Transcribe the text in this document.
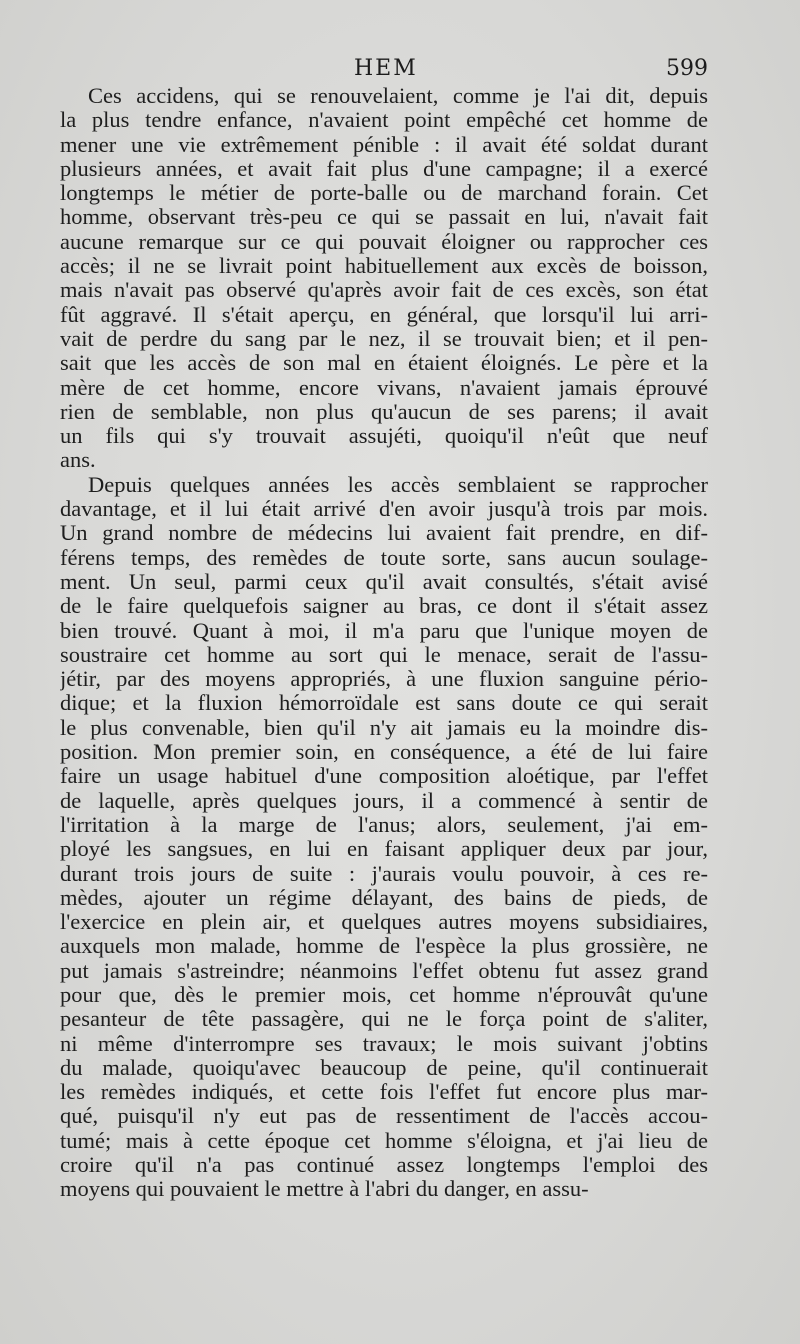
HEM	599
Ces accidens, qui se renouvelaient, comme je l'ai dit, depuis
la plus tendre enfance, n'avaient point empêché cet homme de
mener une vie extrêmement pénible : il avait été soldat durant
plusieurs années, et avait fait plus d'une campagne; il a exercé
longtemps le métier de porte-balle ou de marchand forain. Cet
homme, observant très-peu ce qui se passait en lui, n'avait fait
aucune remarque sur ce qui pouvait éloigner ou rapprocher ces
accès; il ne se livrait point habituellement aux excès de boisson,
mais n'avait pas observé qu'après avoir fait de ces excès, son état
fût aggravé. Il s'était aperçu, en général, que lorsqu'il lui arri-
vait de perdre du sang par le nez, il se trouvait bien; et il pen-
sait que les accès de son mal en étaient éloignés. Le père et la
mère de cet homme, encore vivans, n'avaient jamais éprouvé
rien de semblable, non plus qu'aucun de ses parens; il avait
un fils qui s'y trouvait assujéti, quoiqu'il n'eût que neuf
ans.
Depuis quelques années les accès semblaient se rapprocher
davantage, et il lui était arrivé d'en avoir jusqu'à trois par mois.
Un grand nombre de médecins lui avaient fait prendre, en dif-
férens temps, des remèdes de toute sorte, sans aucun soulage-
ment. Un seul, parmi ceux qu'il avait consultés, s'était avisé
de le faire quelquefois saigner au bras, ce dont il s'était assez
bien trouvé. Quant à moi, il m'a paru que l'unique moyen de
soustraire cet homme au sort qui le menace, serait de l'assu-
jétir, par des moyens appropriés, à une fluxion sanguine pério-
dique; et la fluxion hémorroïdale est sans doute ce qui serait
le plus convenable, bien qu'il n'y ait jamais eu la moindre dis-
position. Mon premier soin, en conséquence, a été de lui faire
faire un usage habituel d'une composition aloétique, par l'effet
de laquelle, après quelques jours, il a commencé à sentir de
l'irritation à la marge de l'anus; alors, seulement, j'ai em-
ployé les sangsues, en lui en faisant appliquer deux par jour,
durant trois jours de suite : j'aurais voulu pouvoir, à ces re-
mèdes, ajouter un régime délayant, des bains de pieds, de
l'exercice en plein air, et quelques autres moyens subsidiaires,
auxquels mon malade, homme de l'espèce la plus grossière, ne
put jamais s'astreindre; néanmoins l'effet obtenu fut assez grand
pour que, dès le premier mois, cet homme n'éprouvât qu'une
pesanteur de tête passagère, qui ne le força point de s'aliter,
ni même d'interrompre ses travaux; le mois suivant j'obtins
du malade, quoiqu'avec beaucoup de peine, qu'il continuerait
les remèdes indiqués, et cette fois l'effet fut encore plus mar-
qué, puisqu'il n'y eut pas de ressentiment de l'accès accou-
tumé; mais à cette époque cet homme s'éloigna, et j'ai lieu de
croire qu'il n'a pas continué assez longtemps l'emploi des
moyens qui pouvaient le mettre à l'abri du danger, en assu-
